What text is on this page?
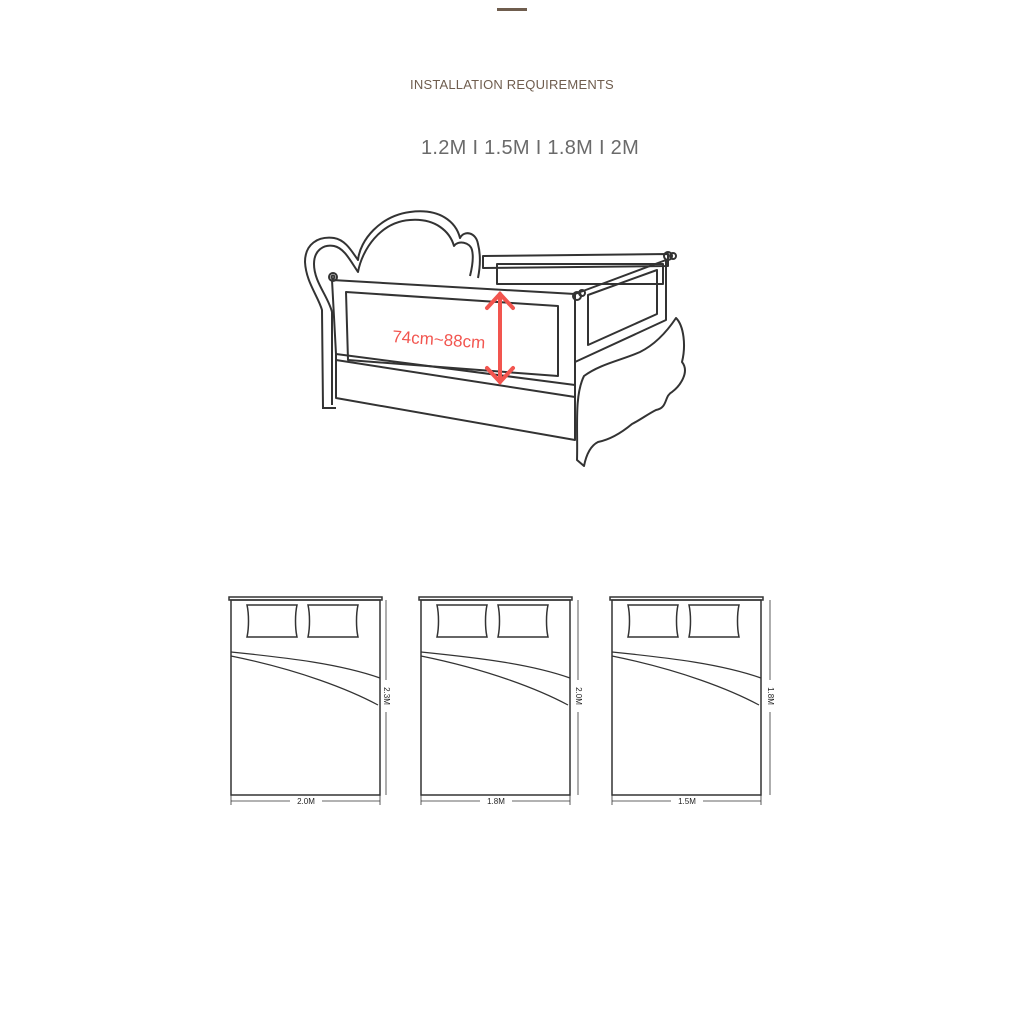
INSTALLATION REQUIREMENTS
1.2M I 1.5M I 1.8M I 2M
74cm~88cm
2.0M
2.3M
1.8M
2.0M
1.5M
1.8M
